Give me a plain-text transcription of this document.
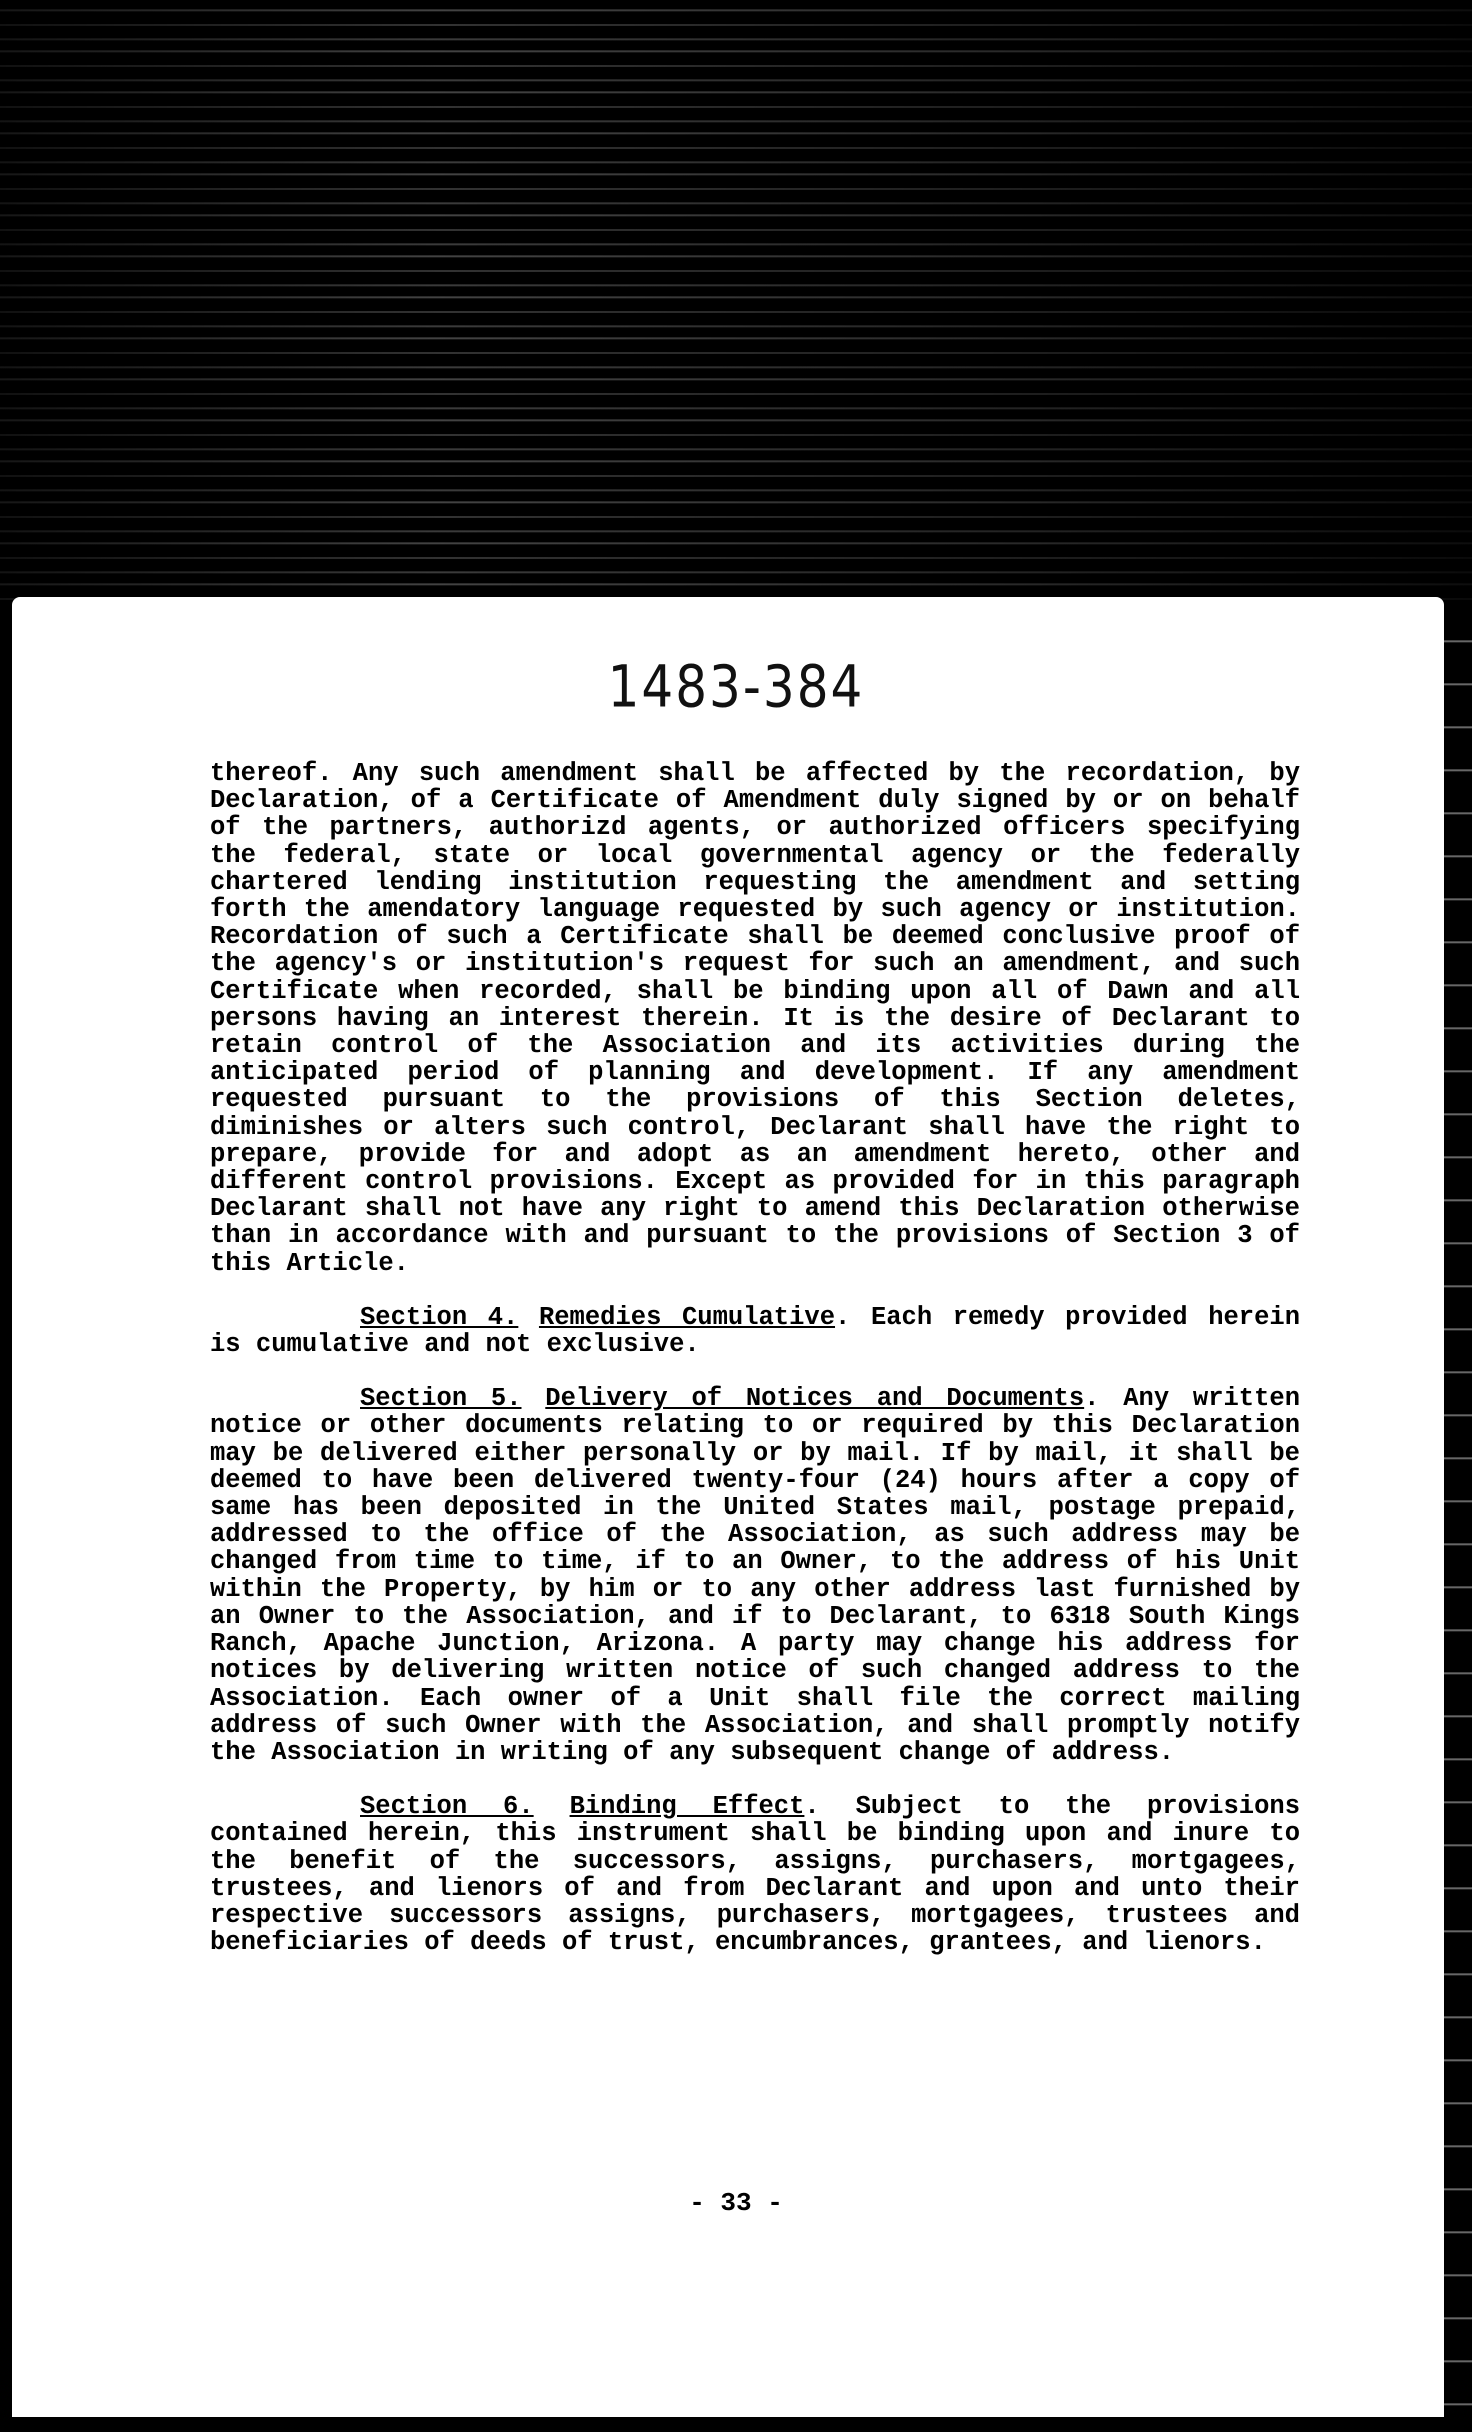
1483-384

thereof. Any such amendment shall be affected by the recordation, by Declaration, of a Certificate of Amendment duly signed by or on behalf of the partners, authorizd agents, or authorized officers specifying the federal, state or local governmental agency or the federally chartered lending institution requesting the amendment and setting forth the amendatory language requested by such agency or institution. Recordation of such a Certificate shall be deemed conclusive proof of the agency's or institution's request for such an amendment, and such Certificate when recorded, shall be binding upon all of Dawn and all persons having an interest therein. It is the desire of Declarant to retain control of the Association and its activities during the anticipated period of planning and development. If any amendment requested pursuant to the provisions of this Section deletes, diminishes or alters such control, Declarant shall have the right to prepare, provide for and adopt as an amendment hereto, other and different control provisions. Except as provided for in this paragraph Declarant shall not have any right to amend this Declaration otherwise than in accordance with and pursuant to the provisions of Section 3 of this Article.

Section 4. Remedies Cumulative. Each remedy provided herein is cumulative and not exclusive.

Section 5. Delivery of Notices and Documents. Any written notice or other documents relating to or required by this Declaration may be delivered either personally or by mail. If by mail, it shall be deemed to have been delivered twenty-four (24) hours after a copy of same has been deposited in the United States mail, postage prepaid, addressed to the office of the Association, as such address may be changed from time to time, if to an Owner, to the address of his Unit within the Property, by him or to any other address last furnished by an Owner to the Association, and if to Declarant, to 6318 South Kings Ranch, Apache Junction, Arizona. A party may change his address for notices by delivering written notice of such changed address to the Association. Each owner of a Unit shall file the correct mailing address of such Owner with the Association, and shall promptly notify the Association in writing of any subsequent change of address.

Section 6. Binding Effect. Subject to the provisions contained herein, this instrument shall be binding upon and inure to the benefit of the successors, assigns, purchasers, mortgagees, trustees, and lienors of and from Declarant and upon and unto their respective successors assigns, purchasers, mortgagees, trustees and beneficiaries of deeds of trust, encumbrances, grantees, and lienors.

- 33 -
